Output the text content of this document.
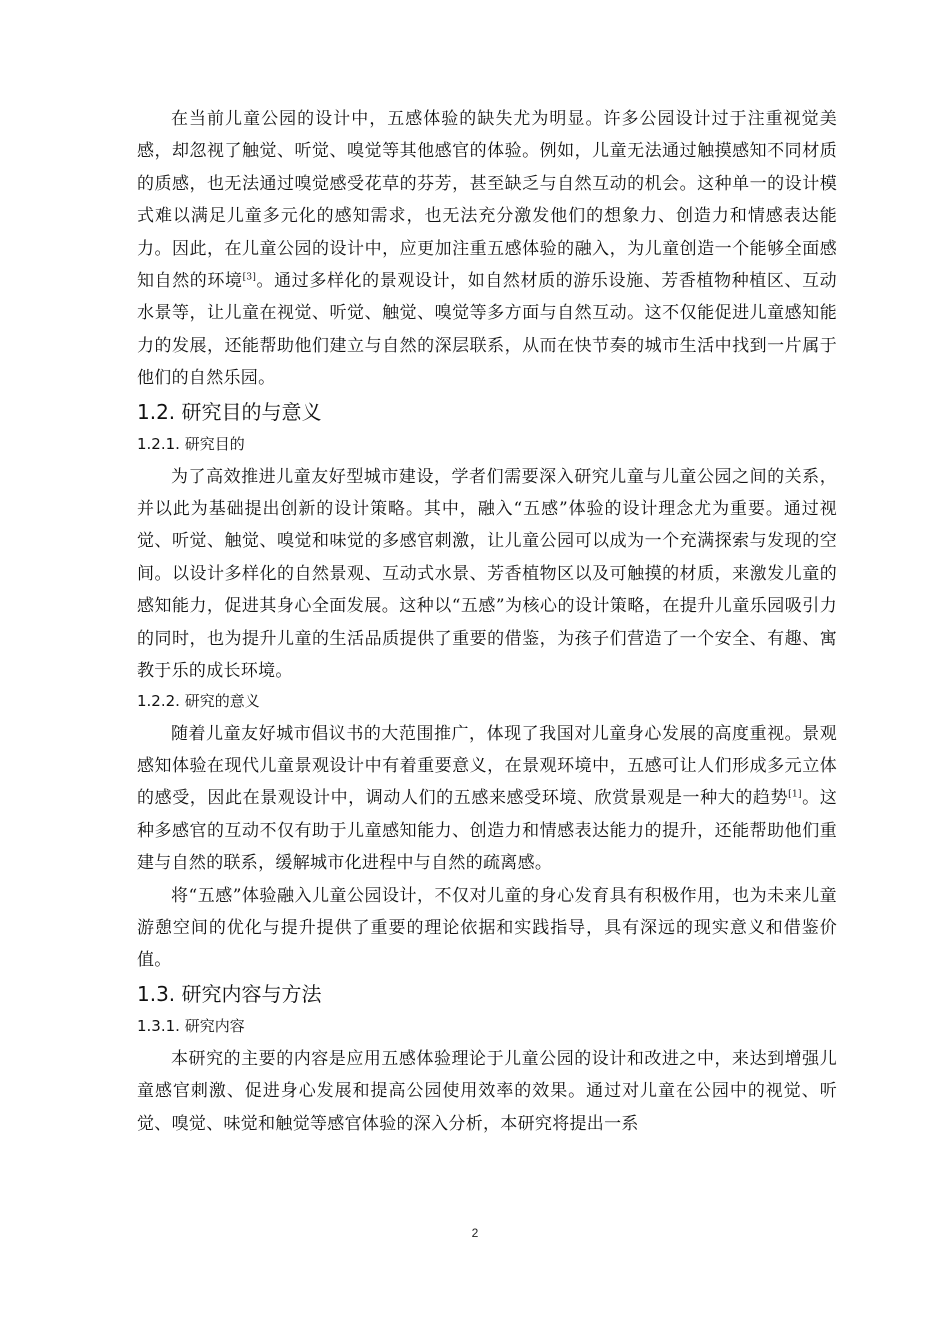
在当前儿童公园的设计中，五感体验的缺失尤为明显。许多公园设计过于注重视觉美感，却忽视了触觉、听觉、嗅觉等其他感官的体验。例如，儿童无法通过触摸感知不同材质的质感，也无法通过嗅觉感受花草的芬芳，甚至缺乏与自然互动的机会。这种单一的设计模式难以满足儿童多元化的感知需求，也无法充分激发他们的想象力、创造力和情感表达能力。因此，在儿童公园的设计中，应更加注重五感体验的融入，为儿童创造一个能够全面感知自然的环境[3]。通过多样化的景观设计，如自然材质的游乐设施、芳香植物种植区、互动水景等，让儿童在视觉、听觉、触觉、嗅觉等多方面与自然互动。这不仅能促进儿童感知能力的发展，还能帮助他们建立与自然的深层联系，从而在快节奏的城市生活中找到一片属于他们的自然乐园。

1.2. 研究目的与意义
1.2.1. 研究目的

为了高效推进儿童友好型城市建设，学者们需要深入研究儿童与儿童公园之间的关系，并以此为基础提出创新的设计策略。其中，融入“五感”体验的设计理念尤为重要。通过视觉、听觉、触觉、嗅觉和味觉的多感官刺激，让儿童公园可以成为一个充满探索与发现的空间。以设计多样化的自然景观、互动式水景、芳香植物区以及可触摸的材质，来激发儿童的感知能力，促进其身心全面发展。这种以“五感”为核心的设计策略，在提升儿童乐园吸引力的同时，也为提升儿童的生活品质提供了重要的借鉴，为孩子们营造了一个安全、有趣、寓教于乐的成长环境。

1.2.2. 研究的意义

随着儿童友好城市倡议书的大范围推广，体现了我国对儿童身心发展的高度重视。景观感知体验在现代儿童景观设计中有着重要意义，在景观环境中，五感可让人们形成多元立体的感受，因此在景观设计中，调动人们的五感来感受环境、欣赏景观是一种大的趋势[1]。这种多感官的互动不仅有助于儿童感知能力、创造力和情感表达能力的提升，还能帮助他们重建与自然的联系，缓解城市化进程中与自然的疏离感。

将“五感”体验融入儿童公园设计，不仅对儿童的身心发育具有积极作用，也为未来儿童游憩空间的优化与提升提供了重要的理论依据和实践指导，具有深远的现实意义和借鉴价值。

1.3. 研究内容与方法
1.3.1. 研究内容

本研究的主要的内容是应用五感体验理论于儿童公园的设计和改进之中，来达到增强儿童感官刺激、促进身心发展和提高公园使用效率的效果。通过对儿童在公园中的视觉、听觉、嗅觉、味觉和触觉等感官体验的深入分析，本研究将提出一系

2
